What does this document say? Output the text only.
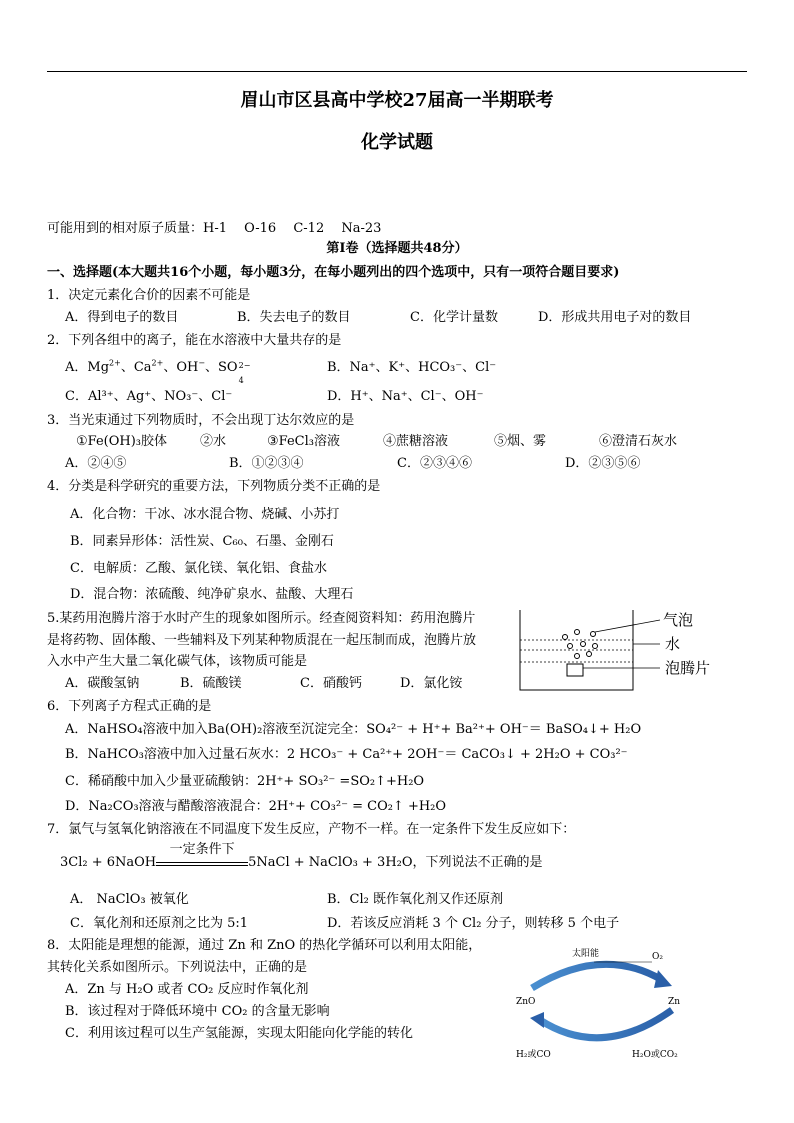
眉山市区县高中学校27届高一半期联考
化学试题
可能用到的相对原子质量：H-1　 O-16　 C-12　 Na-23
第Ⅰ卷（选择题共48分）
一、选择题(本大题共16个小题，每小题3分，在每小题列出的四个选项中，只有一项符合题目要求)
1．决定元素化合价的因素不可能是
A．得到电子的数目	B．失去电子的数目	C．化学计量数	D．形成共用电子对的数目
2．下列各组中的离子，能在水溶液中大量共存的是
A．$Mg^{2+}$、$Ca^{2+}$、OH−、SO 2−
4
B．Na⁺、K⁺、HCO₃⁻、Cl⁻
C．Al³⁺、Ag⁺、NO₃⁻、Cl⁻	D．H⁺、Na⁺、Cl⁻、OH⁻
3．当光束通过下列物质时，不会出现丁达尔效应的是
①Fe(OH)₃胶体	②水	③FeCl₃溶液	④蔗糖溶液	⑤烟、雾	⑥澄清石灰水
A．②④⑤	B．①②③④	C．②③④⑥	D．②③⑤⑥
4．分类是科学研究的重要方法，下列物质分类不正确的是
A．化合物：干冰、冰水混合物、烧碱、小苏打
B．同素异形体：活性炭、C₆₀、石墨、金刚石
C．电解质：乙酸、氯化镁、氧化铝、食盐水
D．混合物：浓硫酸、纯净矿泉水、盐酸、大理石
5.某药用泡腾片溶于水时产生的现象如图所示。经查阅资料知：药用泡腾片
是将药物、固体酸、一些辅料及下列某种物质混在一起压制而成，泡腾片放
入水中产生大量二氧化碳气体，该物质可能是
A．碳酸氢钠	B．硫酸镁	C．硝酸钙	D．氯化铵
气泡
水
泡腾片
6．下列离子方程式正确的是
A．NaHSO₄溶液中加入Ba(OH)₂溶液至沉淀完全：SO₄²⁻ + H⁺+ Ba²⁺+ OH⁻＝ BaSO₄↓+ H₂O
B．NaHCO₃溶液中加入过量石灰水：2 HCO₃⁻ + Ca²⁺+ 2OH⁻＝ CaCO₃↓ + 2H₂O + CO₃²⁻
C．稀硝酸中加入少量亚硫酸钠：2H⁺+ SO₃²⁻ =SO₂↑+H₂O
D．Na₂CO₃溶液与醋酸溶液混合：2H⁺+ CO₃²⁻ = CO₂↑ +H₂O
7．氯气与氢氧化钠溶液在不同温度下发生反应，产物不一样。在一定条件下发生反应如下：
3Cl₂ + 6NaOH
一定条件下
5NaCl + NaClO₃ + 3H₂O，下列说法不正确的是
A． NaClO₃ 被氧化	B．Cl₂ 既作氧化剂又作还原剂
C．氧化剂和还原剂之比为 5:1	D．若该反应消耗 3 个 Cl₂ 分子，则转移 5 个电子
8．太阳能是理想的能源，通过 Zn 和 ZnO 的热化学循环可以利用太阳能，
其转化关系如图所示。下列说法中，正确的是
A．Zn 与 H₂O 或者 CO₂ 反应时作氧化剂
B．该过程对于降低环境中 CO₂ 的含量无影响
C．利用该过程可以生产氢能源，实现太阳能向化学能的转化
太阳能	O₂
ZnO	Zn
H₂或CO	H₂O或CO₂
